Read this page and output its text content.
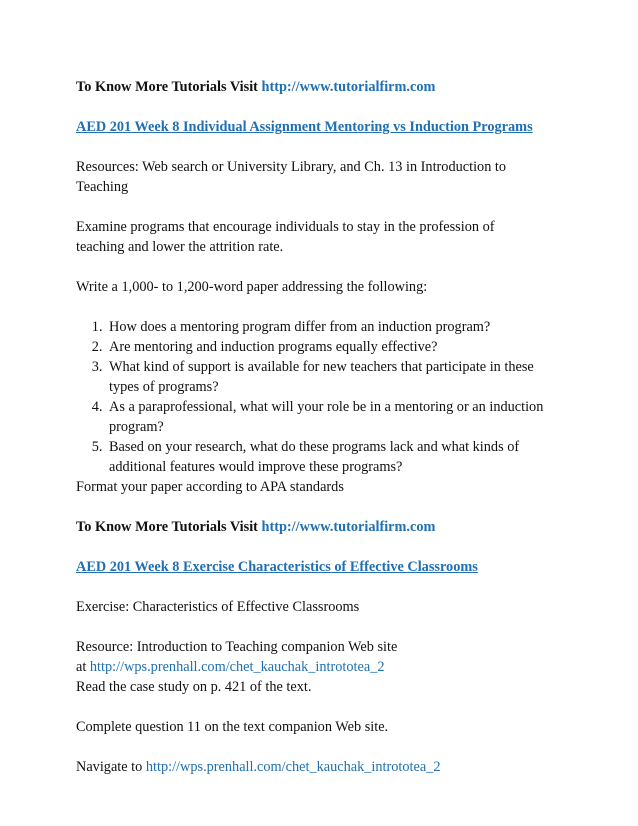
To Know More Tutorials Visit http://www.tutorialfirm.com

AED 201 Week 8 Individual Assignment Mentoring vs Induction Programs

Resources: Web search or University Library, and Ch. 13 in Introduction to Teaching

Examine programs that encourage individuals to stay in the profession of teaching and lower the attrition rate.

Write a 1,000- to 1,200-word paper addressing the following:

1. How does a mentoring program differ from an induction program?
2. Are mentoring and induction programs equally effective?
3. What kind of support is available for new teachers that participate in these types of programs?
4. As a paraprofessional, what will your role be in a mentoring or an induction program?
5. Based on your research, what do these programs lack and what kinds of additional features would improve these programs?

Format your paper according to APA standards

To Know More Tutorials Visit http://www.tutorialfirm.com

AED 201 Week 8 Exercise Characteristics of Effective Classrooms

Exercise: Characteristics of Effective Classrooms

Resource: Introduction to Teaching companion Web site

at http://wps.prenhall.com/chet_kauchak_intrototea_2

Read the case study on p. 421 of the text.

Complete question 11 on the text companion Web site.

Navigate to http://wps.prenhall.com/chet_kauchak_intrototea_2
